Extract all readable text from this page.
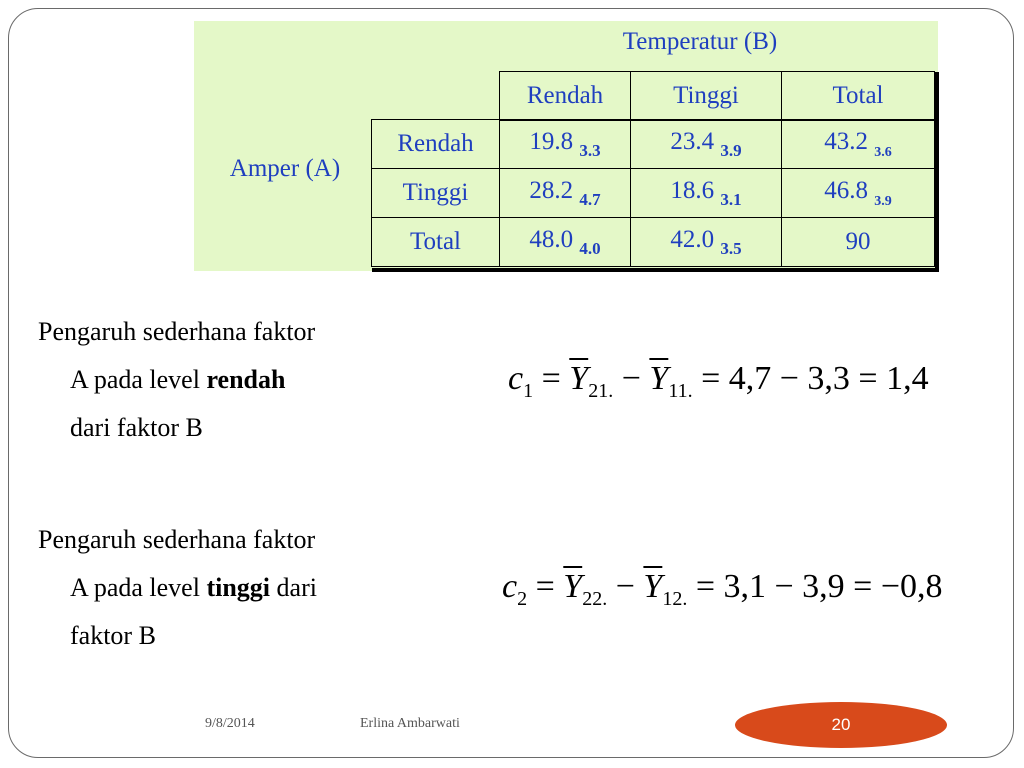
Temperatur (B)
Amper (A)
Rendah	Tinggi	Total
Rendah	19.8 $_{3.3}$	23.4 $_{3.9}$	43.2 $_{3.6}$
Tinggi	28.2 $_{4.7}$	18.6 $_{3.1}$	46.8 $_{3.9}$
Total	48.0 $_{4.0}$	42.0 $_{3.5}$	90
Pengaruh sederhana faktor
A pada level rendah
dari faktor B
Pengaruh sederhana faktor
A pada level tinggi dari
faktor B
$c_1 = \overline{Y}_{21.} - \overline{Y}_{11.} = 4,7 - 3,3 = 1,4$
$c_2 = \overline{Y}_{22.} - \overline{Y}_{12.} = 3,1 - 3,9 = -0,8$
9/8/2014	Erlina Ambarwati	20
